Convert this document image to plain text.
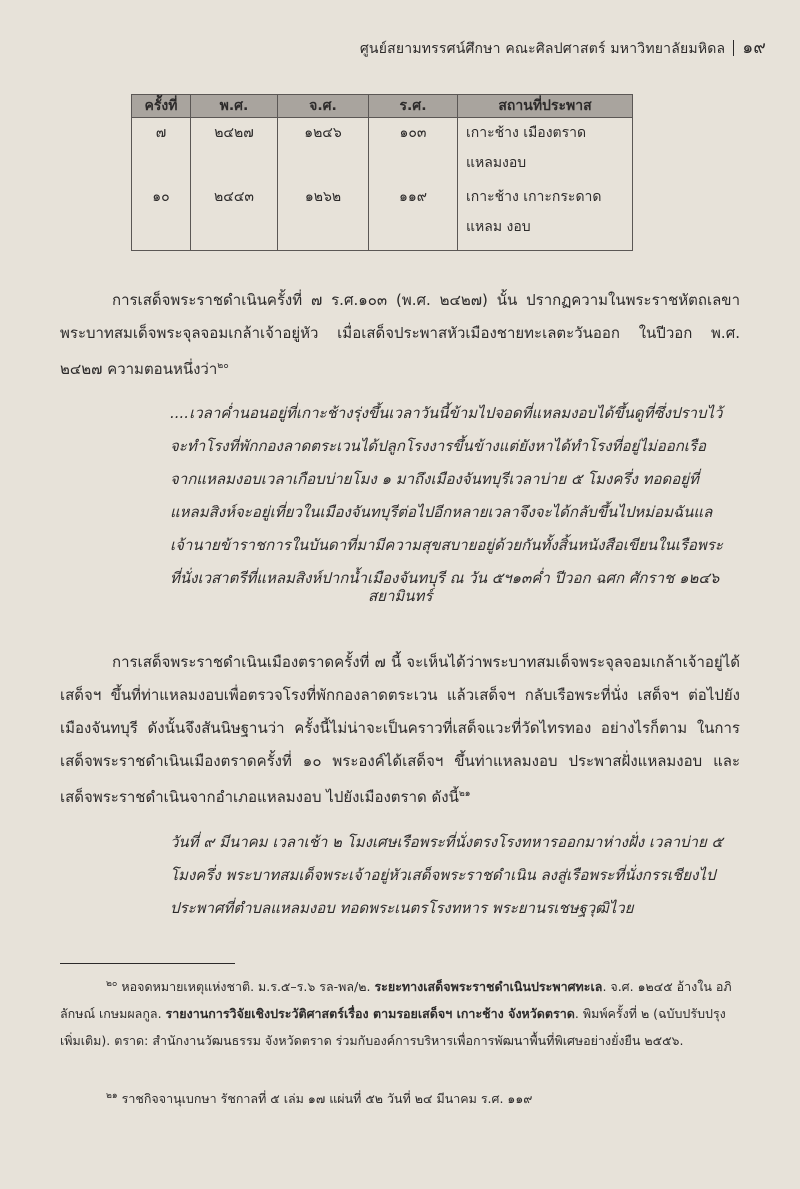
ศูนย์สยามทรรศน์ศึกษา คณะศิลปศาสตร์ มหาวิทยาลัยมหิดล ๑๙
ครั้งที่	พ.ศ.	จ.ศ.	ร.ศ.	สถานที่ประพาส
๗	๒๔๒๗	๑๒๔๖	๑๐๓	เกาะช้าง เมืองตราด แหลมงอบ
๑๐	๒๔๔๓	๑๒๖๒	๑๑๙	เกาะช้าง เกาะกระดาด แหลม งอบ
การเสด็จพระราชดำเนินครั้งที่ ๗ ร.ศ.๑๐๓ (พ.ศ. ๒๔๒๗) นั้น ปรากฏความในพระราชหัตถเลขา พระบาทสมเด็จพระจุลจอมเกล้าเจ้าอยู่หัว เมื่อเสด็จประพาสหัวเมืองชายทะเลตะวันออก ในปีวอก พ.ศ. ๒๔๒๗ ความตอนหนึ่งว่า$^{๒๐}$
....เวลาค่ำนอนอยู่ที่เกาะช้างรุ่งขึ้นเวลาวันนี้ข้ามไปจอดที่แหลมงอบได้ขึ้นดูที่ซึ่งปราบไว้จะทำโรงที่พักกองลาดตระเวนได้ปลูกโรงงารขึ้นข้างแต่ยังหาได้ทำโรงที่อยู่ไม่ออกเรือจากแหลมงอบเวลาเกือบบ่ายโมง ๑ มาถึงเมืองจันทบุรีเวลาบ่าย ๕ โมงครึ่ง ทอดอยู่ที่แหลมสิงห์จะอยู่เที่ยวในเมืองจันทบุรีต่อไปอีกหลายเวลาจึงจะได้กลับขึ้นไปหม่อมฉันแลเจ้านายข้าราชการในบันดาที่มามีความสุขสบายอยู่ด้วยกันทั้งสิ้นหนังสือเขียนในเรือพระที่นั่งเวสาตรีที่แหลมสิงห์ปากน้ำเมืองจันทบุรี ณ วัน ๕ฯ๑๓ค่ำ ปีวอก ฉศก ศักราช ๑๒๔๖
สยามินทร์
การเสด็จพระราชดำเนินเมืองตราดครั้งที่ ๗ นี้ จะเห็นได้ว่าพระบาทสมเด็จพระจุลจอมเกล้าเจ้าอยู่ได้เสด็จฯ ขึ้นที่ท่าแหลมงอบเพื่อตรวจโรงที่พักกองลาดตระเวน แล้วเสด็จฯ กลับเรือพระที่นั่ง เสด็จฯ ต่อไปยังเมืองจันทบุรี ดังนั้นจึงสันนิษฐานว่า ครั้งนี้ไม่น่าจะเป็นคราวที่เสด็จแวะที่วัดไทรทอง อย่างไรก็ตาม ในการเสด็จพระราชดำเนินเมืองตราดครั้งที่ ๑๐ พระองค์ได้เสด็จฯ ขึ้นท่าแหลมงอบ ประพาสฝั่งแหลมงอบ และเสด็จพระราชดำเนินจากอำเภอแหลมงอบ ไปยังเมืองตราด ดังนี้$^{๒๑}$
วันที่ ๙ มีนาคม เวลาเช้า ๒ โมงเศษเรือพระที่นั่งตรงโรงทหารออกมาห่างฝั่ง เวลาบ่าย ๕ โมงครึ่ง พระบาทสมเด็จพระเจ้าอยู่หัวเสด็จพระราชดำเนิน ลงสู่เรือพระที่นั่งกรรเชียงไปประพาศที่ตำบลแหลมงอบ ทอดพระเนตรโรงทหาร พระยานรเชษฐวุฒิไวย
$^{๒๐}$ หอจดหมายเหตุแห่งชาติ. ม.ร.๕–ร.๖ รล-พล/๒. ระยะทางเสด็จพระราชดำเนินประพาศทะเล. จ.ศ. ๑๒๔๕ อ้างใน อภิลักษณ์ เกษมผลกูล. รายงานการวิจัยเชิงประวัติศาสตร์เรื่อง ตามรอยเสด็จฯ เกาะช้าง จังหวัดตราด. พิมพ์ครั้งที่ ๒ (ฉบับปรับปรุงเพิ่มเติม). ตราด: สำนักงานวัฒนธรรม จังหวัดตราด ร่วมกับองค์การบริหารเพื่อการพัฒนาพื้นที่พิเศษอย่างยั่งยืน ๒๕๕๖.
$^{๒๑}$ ราชกิจจานุเบกษา รัชกาลที่ ๕ เล่ม ๑๗ แผ่นที่ ๕๒ วันที่ ๒๔ มีนาคม ร.ศ. ๑๑๙
